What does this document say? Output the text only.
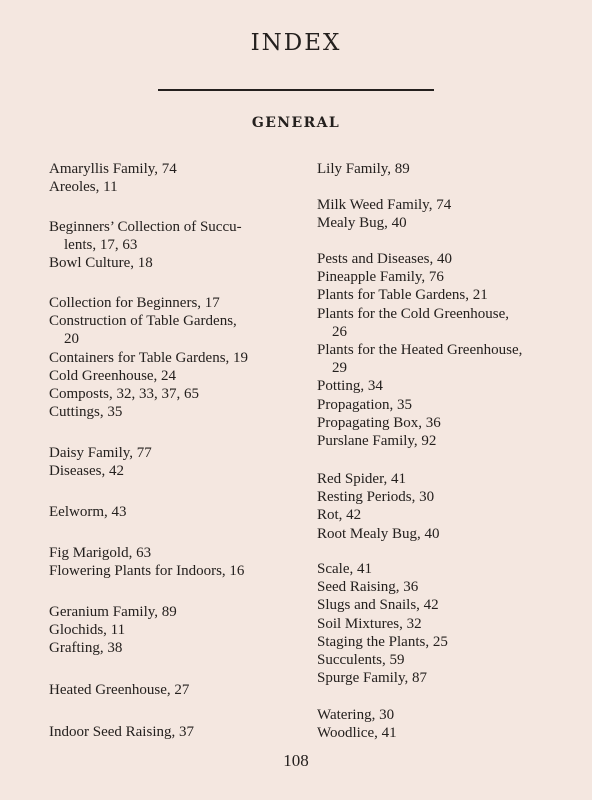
INDEX
GENERAL

Amaryllis Family, 74

Areoles, 11

Beginners’ Collection of Succu-

lents, 17, 63

Bowl Culture, 18

Collection for Beginners, 17

Construction of Table Gardens,

20

Containers for Table Gardens, 19

Cold Greenhouse, 24

Composts, 32, 33, 37, 65

Cuttings, 35

Daisy Family, 77

Diseases, 42

Eelworm, 43

Fig Marigold, 63

Flowering Plants for Indoors, 16

Geranium Family, 89

Glochids, 11

Grafting, 38

Heated Greenhouse, 27

Indoor Seed Raising, 37

Lily Family, 89

Milk Weed Family, 74

Mealy Bug, 40

Pests and Diseases, 40

Pineapple Family, 76

Plants for Table Gardens, 21

Plants for the Cold Greenhouse,

26

Plants for the Heated Greenhouse,

29

Potting, 34

Propagation, 35

Propagating Box, 36

Purslane Family, 92

Red Spider, 41

Resting Periods, 30

Rot, 42

Root Mealy Bug, 40

Scale, 41

Seed Raising, 36

Slugs and Snails, 42

Soil Mixtures, 32

Staging the Plants, 25

Succulents, 59

Spurge Family, 87

Watering, 30

Woodlice, 41

108
